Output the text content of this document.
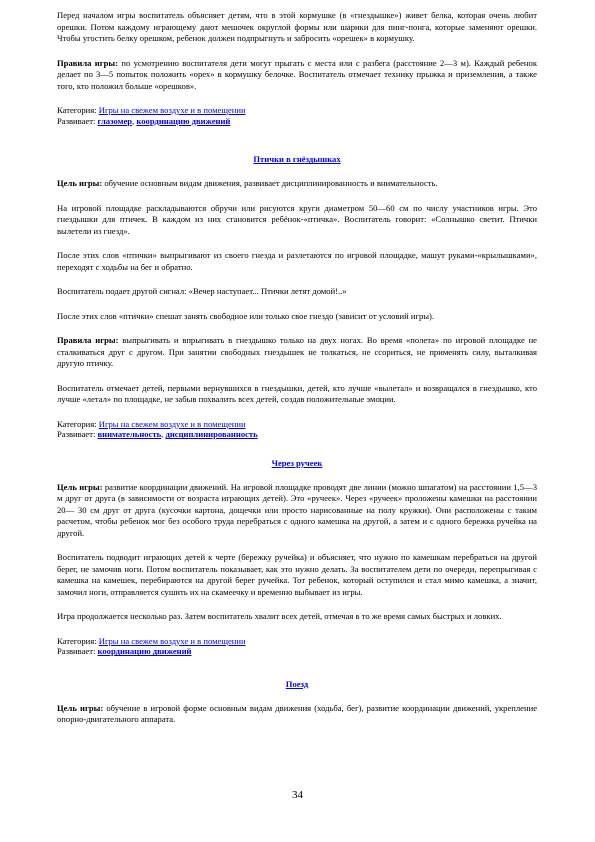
Перед началом игры воспитатель объясняет детям, что в этой кормушке (в «гнездышке») живет белка, которая очень любит орешки. Потом каждому играющему дают мешочек округлой формы или шарики для пинг-понга, которые заменяют орешки. Чтобы угостить белку орешком, ребенок должен подпрыгнуть и забросить «орешек» в кормушку.

Правила игры: по усмотрению воспитателя дети могут прыгать с места или с разбега (расстояние 2—3 м). Каждый ребенок делает по 3—5 попыток положить «орех» в кормушку белочке. Воспитатель отмечает технику прыжка и приземления, а также того, кто положил больше «орешков».

Категория: Игры на свежем воздухе и в помещении
Развивает: глазомер, координацию движений
Птички в гнёздышках

Цель игры: обучение основным видам движения, развивает дисциплинированность и внимательность.

На игровой площадке раскладываются обручи или рисуются круги диаметром 50—60 см по числу участников игры. Это гнездышки для птичек. В каждом из них становится ребёнок-«птичка». Воспитатель говорит: «Солнышко светит. Птички вылетели из гнезд».

После этих слов «птички» выпрыгивают из своего гнезда и разлетаются по игровой площадке, машут руками-«крылышками», переходят с ходьбы на бег и обратно.

Воспитатель подает другой сигнал: «Вечер наступает... Птички летят домой!..»

После этих слов «птички» спешат занять свободное или только свое гнездо (зависит от условий игры).

Правила игры: выпрыгивать и впрыгивать в гнездышко только на двух ногах. Во время «полета» по игровой площадке не сталкиваться друг с другом. При занятии свободных гнездышек не толкаться, не ссориться, не применять силу, выталкивая другую птичку.

Воспитатель отмечает детей, первыми вернувшихся в гнездышки, детей, кто лучше «вылетал» и возвращался в гнездышко, кто лучше «летал» по площадке, не забыв похвалить всех детей, создав положительные эмоции.

Категория: Игры на свежем воздухе и в помещении
Развивает: внимательность, дисциплинированность
Через ручеек

Цель игры: развитие координации движений. На игровой площадке проводят две линии (можно шпагатом) на расстоянии 1,5—3 м друг от друга (в зависимости от возраста играющих детей). Это «ручеек». Через «ручеек» проложены камешки на расстоянии 20— 30 см друг от друга (кусочки картона, дощечки или просто нарисованные на полу кружки). Они расположены с таким расчетом, чтобы ребенок мог без особого труда перебраться с одного камешка на другой, а затем и с одного бережка ручейка на другой.

Воспитатель подводит играющих детей к черте (бережку ручейка) и объясняет, что нужно по камешкам перебраться на другой берег, не замочив ноги. Потом воспитатель показывает, как это нужно делать. За воспитателем дети по очереди, перепрыгивая с камешка на камешек, перебираются на другой берег ручейка. Тот ребенок, который оступился и стал мимо камешка, а значит, замочил ноги, отправляется сушить их на скамеечку и временно выбывает из игры.

Игра продолжается несколько раз. Затем воспитатель хвалит всех детей, отмечая в то же время самых быстрых и ловких.

Категория: Игры на свежем воздухе и в помещении
Развивает: координацию движений
Поезд

Цель игры: обучение в игровой форме основным видам движения (ходьба, бег), развитие координации движений, укрепление опорно-двигательного аппарата.

34
